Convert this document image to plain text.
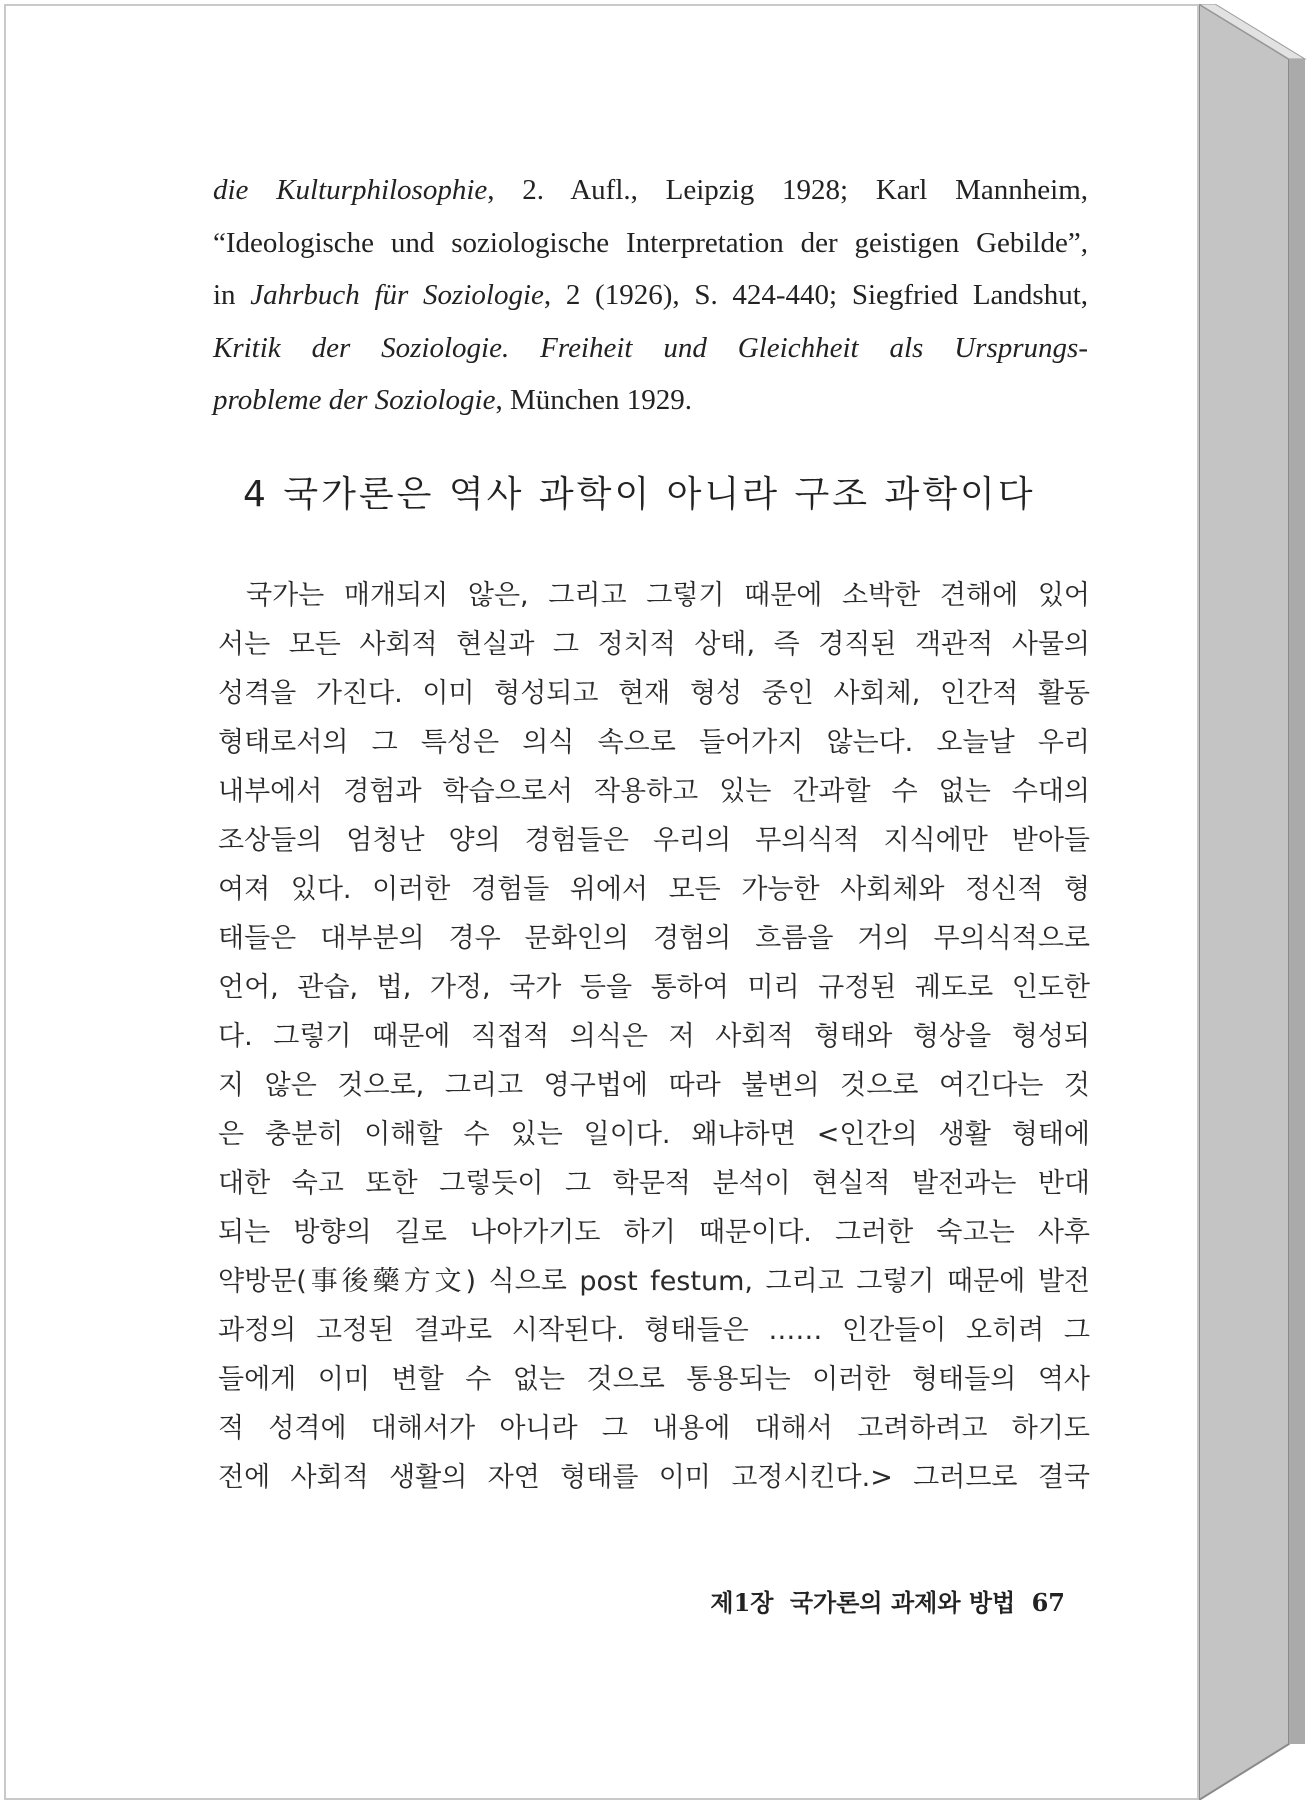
die Kulturphilosophie, 2. Aufl., Leipzig 1928; Karl Mannheim,
“Ideologische und soziologische Interpretation der geistigen Gebilde”,
in Jahrbuch für Soziologie, 2 (1926), S. 424-440; Siegfried Landshut,
Kritik der Soziologie. Freiheit und Gleichheit als Ursprungs-
probleme der Soziologie, München 1929.
4 국가론은 역사 과학이 아니라 구조 과학이다
국가는 매개되지 않은, 그리고 그렇기 때문에 소박한 견해에 있어
서는 모든 사회적 현실과 그 정치적 상태, 즉 경직된 객관적 사물의
성격을 가진다. 이미 형성되고 현재 형성 중인 사회체, 인간적 활동
형태로서의 그 특성은 의식 속으로 들어가지 않는다. 오늘날 우리
내부에서 경험과 학습으로서 작용하고 있는 간과할 수 없는 수대의
조상들의 엄청난 양의 경험들은 우리의 무의식적 지식에만 받아들
여져 있다. 이러한 경험들 위에서 모든 가능한 사회체와 정신적 형
태들은 대부분의 경우 문화인의 경험의 흐름을 거의 무의식적으로
언어, 관습, 법, 가정, 국가 등을 통하여 미리 규정된 궤도로 인도한
다. 그렇기 때문에 직접적 의식은 저 사회적 형태와 형상을 형성되
지 않은 것으로, 그리고 영구법에 따라 불변의 것으로 여긴다는 것
은 충분히 이해할 수 있는 일이다. 왜냐하면 <인간의 생활 형태에
대한 숙고 또한 그렇듯이 그 학문적 분석이 현실적 발전과는 반대
되는 방향의 길로 나아가기도 하기 때문이다. 그러한 숙고는 사후
약방문(事後藥方文) 식으로 post festum, 그리고 그렇기 때문에 발전
과정의 고정된 결과로 시작된다. 형태들은 …… 인간들이 오히려 그
들에게 이미 변할 수 없는 것으로 통용되는 이러한 형태들의 역사
적 성격에 대해서가 아니라 그 내용에 대해서 고려하려고 하기도
전에 사회적 생활의 자연 형태를 이미 고정시킨다.> 그러므로 결국
제1장 국가론의 과제와 방법 67
